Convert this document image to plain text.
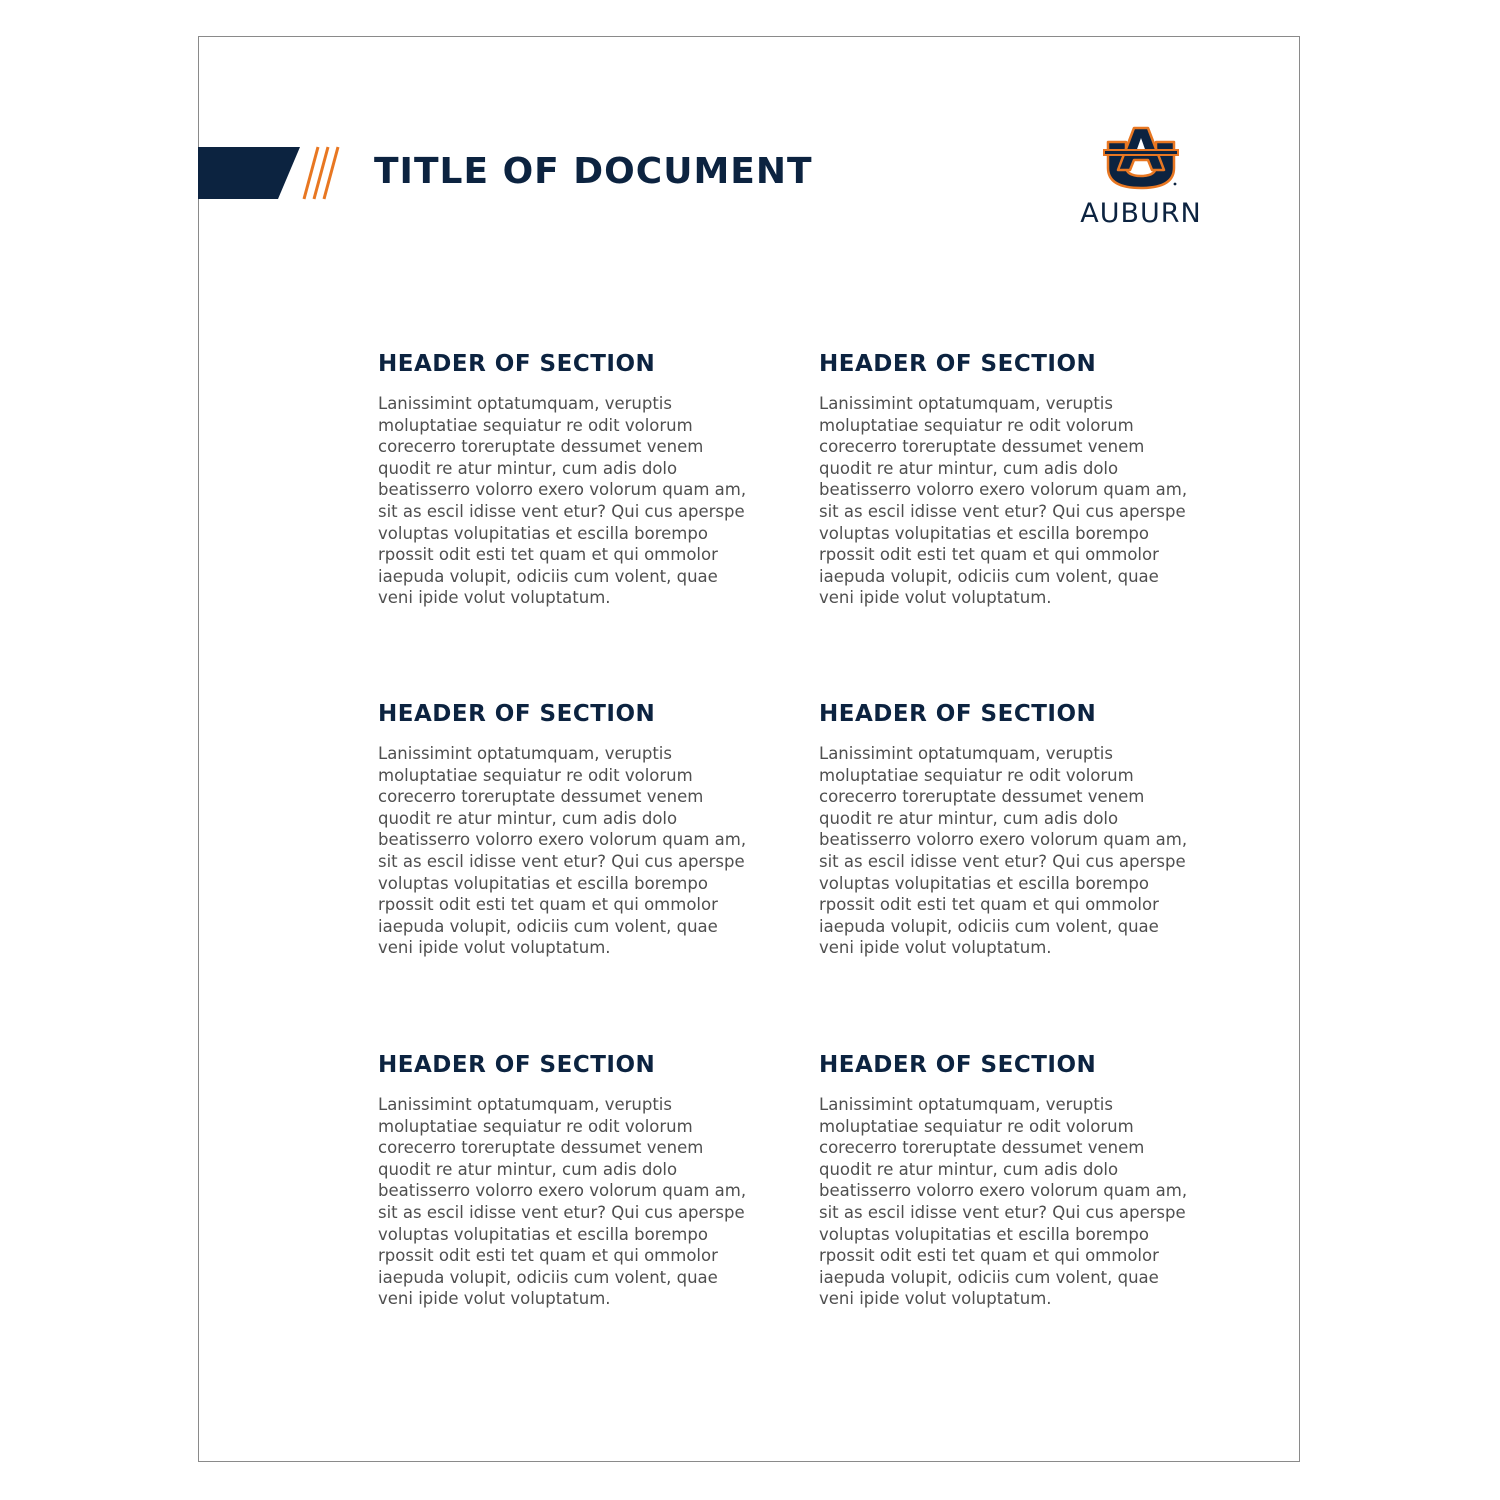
TITLE OF DOCUMENT
AUBURN
HEADER OF SECTION

Lanissimint optatumquam, veruptis moluptatiae sequiatur re odit volorum corecerro toreruptate dessumet venem quodit re atur mintur, cum adis dolo beatisserro volorro exero volorum quam am, sit as escil idisse vent etur? Qui cus aperspe voluptas volupitatias et escilla borempo rpossit odit esti tet quam et qui ommolor iaepuda volupit, odiciis cum volent, quae veni ipide volut voluptatum.

HEADER OF SECTION

Lanissimint optatumquam, veruptis moluptatiae sequiatur re odit volorum corecerro toreruptate dessumet venem quodit re atur mintur, cum adis dolo beatisserro volorro exero volorum quam am, sit as escil idisse vent etur? Qui cus aperspe voluptas volupitatias et escilla borempo rpossit odit esti tet quam et qui ommolor iaepuda volupit, odiciis cum volent, quae veni ipide volut voluptatum.

HEADER OF SECTION

Lanissimint optatumquam, veruptis moluptatiae sequiatur re odit volorum corecerro toreruptate dessumet venem quodit re atur mintur, cum adis dolo beatisserro volorro exero volorum quam am, sit as escil idisse vent etur? Qui cus aperspe voluptas volupitatias et escilla borempo rpossit odit esti tet quam et qui ommolor iaepuda volupit, odiciis cum volent, quae veni ipide volut voluptatum.

HEADER OF SECTION

Lanissimint optatumquam, veruptis moluptatiae sequiatur re odit volorum corecerro toreruptate dessumet venem quodit re atur mintur, cum adis dolo beatisserro volorro exero volorum quam am, sit as escil idisse vent etur? Qui cus aperspe voluptas volupitatias et escilla borempo rpossit odit esti tet quam et qui ommolor iaepuda volupit, odiciis cum volent, quae veni ipide volut voluptatum.

HEADER OF SECTION

Lanissimint optatumquam, veruptis moluptatiae sequiatur re odit volorum corecerro toreruptate dessumet venem quodit re atur mintur, cum adis dolo beatisserro volorro exero volorum quam am, sit as escil idisse vent etur? Qui cus aperspe voluptas volupitatias et escilla borempo rpossit odit esti tet quam et qui ommolor iaepuda volupit, odiciis cum volent, quae veni ipide volut voluptatum.

HEADER OF SECTION

Lanissimint optatumquam, veruptis moluptatiae sequiatur re odit volorum corecerro toreruptate dessumet venem quodit re atur mintur, cum adis dolo beatisserro volorro exero volorum quam am, sit as escil idisse vent etur? Qui cus aperspe voluptas volupitatias et escilla borempo rpossit odit esti tet quam et qui ommolor iaepuda volupit, odiciis cum volent, quae veni ipide volut voluptatum.
